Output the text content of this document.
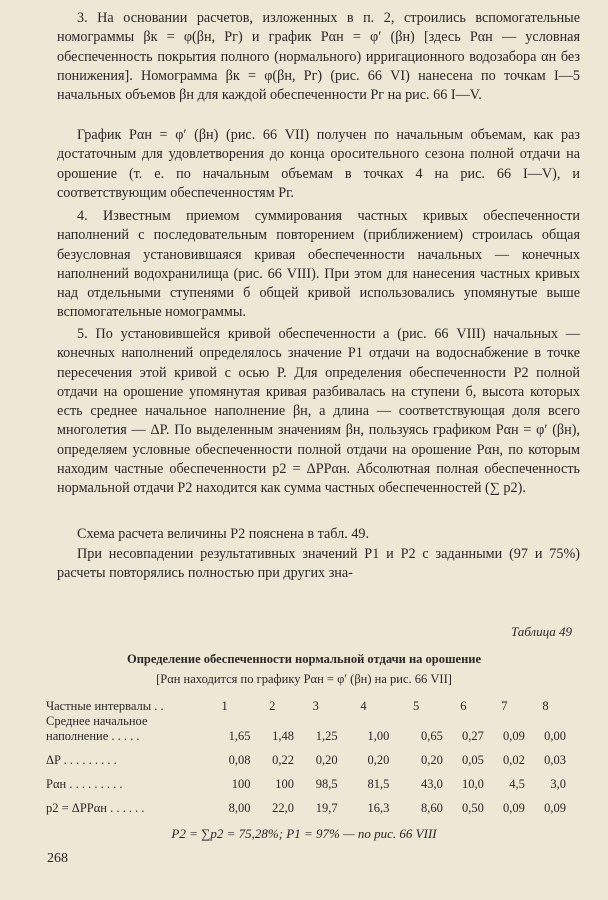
3. На основании расчетов, изложенных в п. 2, строились вспомогательные номограммы βк = φ(βн, Pг) и график Pαн = φ′ (βн) [здесь Pαн — условная обеспеченность покрытия полного (нормального) ирригационного водозабора αн без понижения]. Номограмма βк = φ(βн, Pг) (рис. 66 VI) нанесена по точкам I—5 начальных объемов βн для каждой обеспеченности Pг на рис. 66 I—V.

График Pαн = φ′ (βн) (рис. 66 VII) получен по начальным объемам, как раз достаточным для удовлетворения до конца оросительного сезона полной отдачи на орошение (т. е. по начальным объемам в точках 4 на рис. 66 I—V), и соответствующим обеспеченностям Pг.

4. Известным приемом суммирования частных кривых обеспеченности наполнений с последовательным повторением (приближением) строилась общая безусловная установившаяся кривая обеспеченности начальных — конечных наполнений водохранилища (рис. 66 VIII). При этом для нанесения частных кривых над отдельными ступенями б общей кривой использовались упомянутые выше вспомогательные номограммы.

5. По установившейся кривой обеспеченности а (рис. 66 VIII) начальных — конечных наполнений определялось значение P1 отдачи на водоснабжение в точке пересечения этой кривой с осью P. Для определения обеспеченности P2 полной отдачи на орошение упомянутая кривая разбивалась на ступени б, высота которых есть среднее начальное наполнение βн, а длина — соответствующая доля всего многолетия — ΔP. По выделенным значениям βн, пользуясь графиком Pαн = φ′ (βн), определяем условные обеспеченности полной отдачи на орошение Pαн, по которым находим частные обеспеченности p2 = ΔPPαн. Абсолютная полная обеспеченность нормальной отдачи P2 находится как сумма частных обеспеченностей (∑ p2).

Схема расчета величины P2 пояснена в табл. 49.

При несовпадении результативных значений P1 и P2 с заданными (97 и 75%) расчеты повторялись полностью при других зна-

Таблица 49
Определение обеспеченности нормальной отдачи на орошение
[Pαн находится по графику Pαн = φ′ (βн) на рис. 66 VII]
Частные интервалы . .	1	2	3	4	5	6	7	8
Среднее начальное наполнение . . . . .	1,65	1,48	1,25	1,00	0,65	0,27	0,09	0,00
ΔP . . . . . . . . .	0,08	0,22	0,20	0,20	0,20	0,05	0,02	0,03
Pαн . . . . . . . . .	100	100	98,5	81,5	43,0	10,0	4,5	3,0
p2 = ΔPPαн . . . . . .	8,00	22,0	19,7	16,3	8,60	0,50	0,09	0,09
P2 = ∑p2 = 75,28%; P1 = 97% — по рис. 66 VIII
268
